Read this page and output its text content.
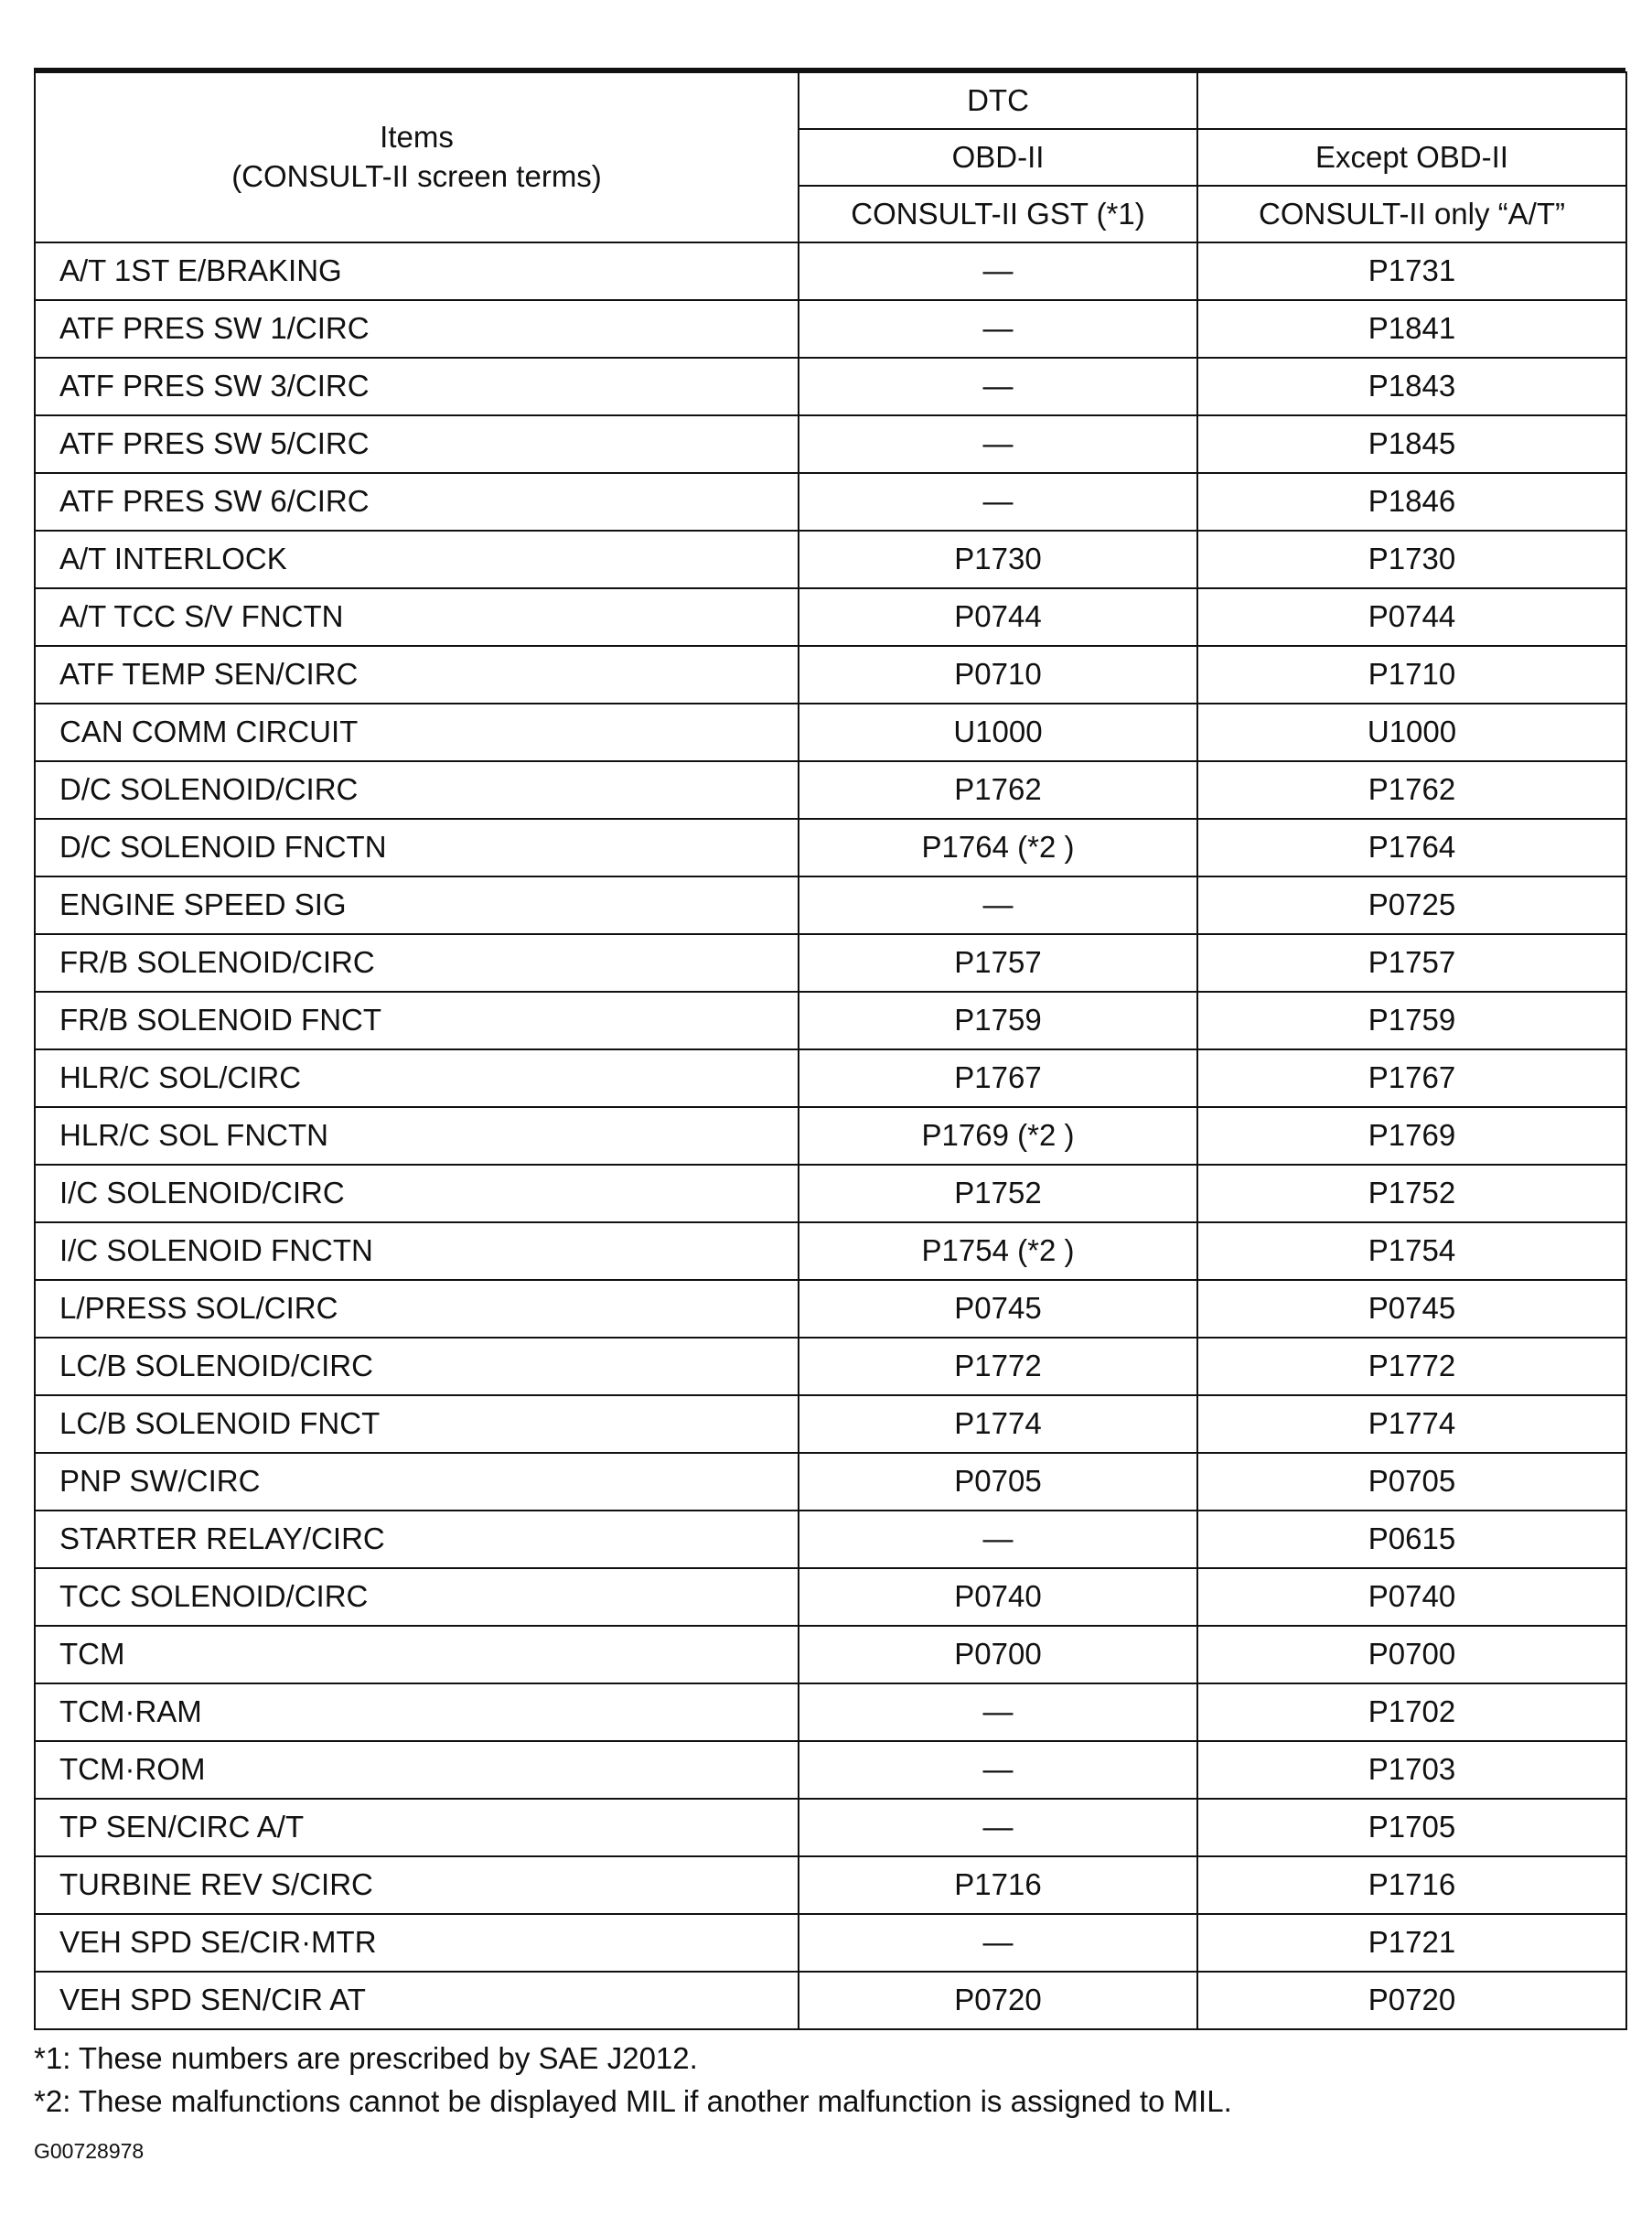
Items
(CONSULT-II screen terms)	DTC	
	OBD-II	Except OBD-II
	CONSULT-II GST (*1)	CONSULT-II only “A/T”
A/T 1ST E/BRAKING	—	P1731
ATF PRES SW 1/CIRC	—	P1841
ATF PRES SW 3/CIRC	—	P1843
ATF PRES SW 5/CIRC	—	P1845
ATF PRES SW 6/CIRC	—	P1846
A/T INTERLOCK	P1730	P1730
A/T TCC S/V FNCTN	P0744	P0744
ATF TEMP SEN/CIRC	P0710	P1710
CAN COMM CIRCUIT	U1000	U1000
D/C SOLENOID/CIRC	P1762	P1762
D/C SOLENOID FNCTN	P1764 (*2 )	P1764
ENGINE SPEED SIG	—	P0725
FR/B SOLENOID/CIRC	P1757	P1757
FR/B SOLENOID FNCT	P1759	P1759
HLR/C SOL/CIRC	P1767	P1767
HLR/C SOL FNCTN	P1769 (*2 )	P1769
I/C SOLENOID/CIRC	P1752	P1752
I/C SOLENOID FNCTN	P1754 (*2 )	P1754
L/PRESS SOL/CIRC	P0745	P0745
LC/B SOLENOID/CIRC	P1772	P1772
LC/B SOLENOID FNCT	P1774	P1774
PNP SW/CIRC	P0705	P0705
STARTER RELAY/CIRC	—	P0615
TCC SOLENOID/CIRC	P0740	P0740
TCM	P0700	P0700
TCM·RAM	—	P1702
TCM·ROM	—	P1703
TP SEN/CIRC A/T	—	P1705
TURBINE REV S/CIRC	P1716	P1716
VEH SPD SE/CIR·MTR	—	P1721
VEH SPD SEN/CIR AT	P0720	P0720
*1: These numbers are prescribed by SAE J2012.
*2: These malfunctions cannot be displayed MIL if another malfunction is assigned to MIL.
G00728978
